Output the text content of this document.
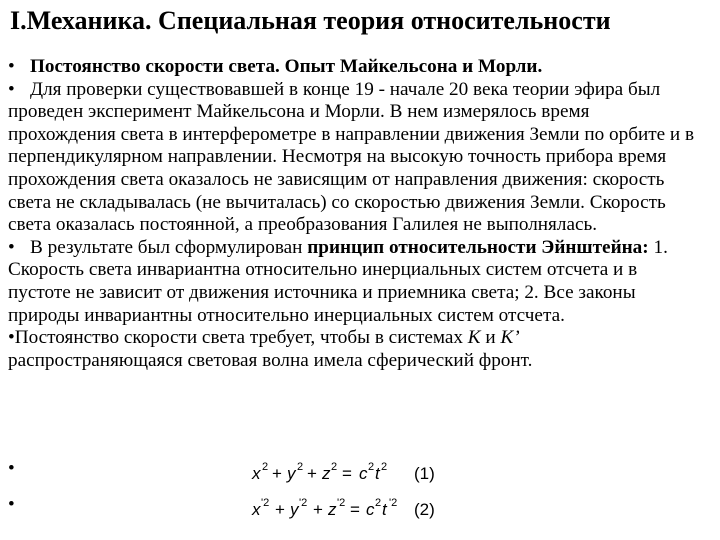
I.Механика. Специальная теория относительности

• Постоянство скорости света. Опыт Майкельсона и Морли.

• Для проверки существовавшей в конце 19 - начале 20 века теории эфира был проведен эксперимент Майкельсона и Морли. В нем измерялось время прохождения света в интерферометре в направлении движения Земли по орбите и в перпендикулярном направлении. Несмотря на высокую точность прибора время прохождения света оказалось не зависящим от направления движения: скорость света не складывалась (не вычиталась) со скоростью движения Земли. Скорость света оказалась постоянной, а преобразования Галилея не выполнялась.

• В результате был сформулирован принцип относительности Эйнштейна: 1. Скорость света инвариантна относительно инерциальных систем отсчета и в пустоте не зависит от движения источника и приемника света; 2. Все законы природы инвариантны относительно инерциальных систем отсчета.

•Постоянство скорости света требует, чтобы в системах K и K’ распространяющаяся световая волна имела сферический фронт.

•	x 2 + y 2 + z 2 = c 2 t 2 (1)
•	x '2 + y '2 + z '2 = c 2 t '2 (2)
